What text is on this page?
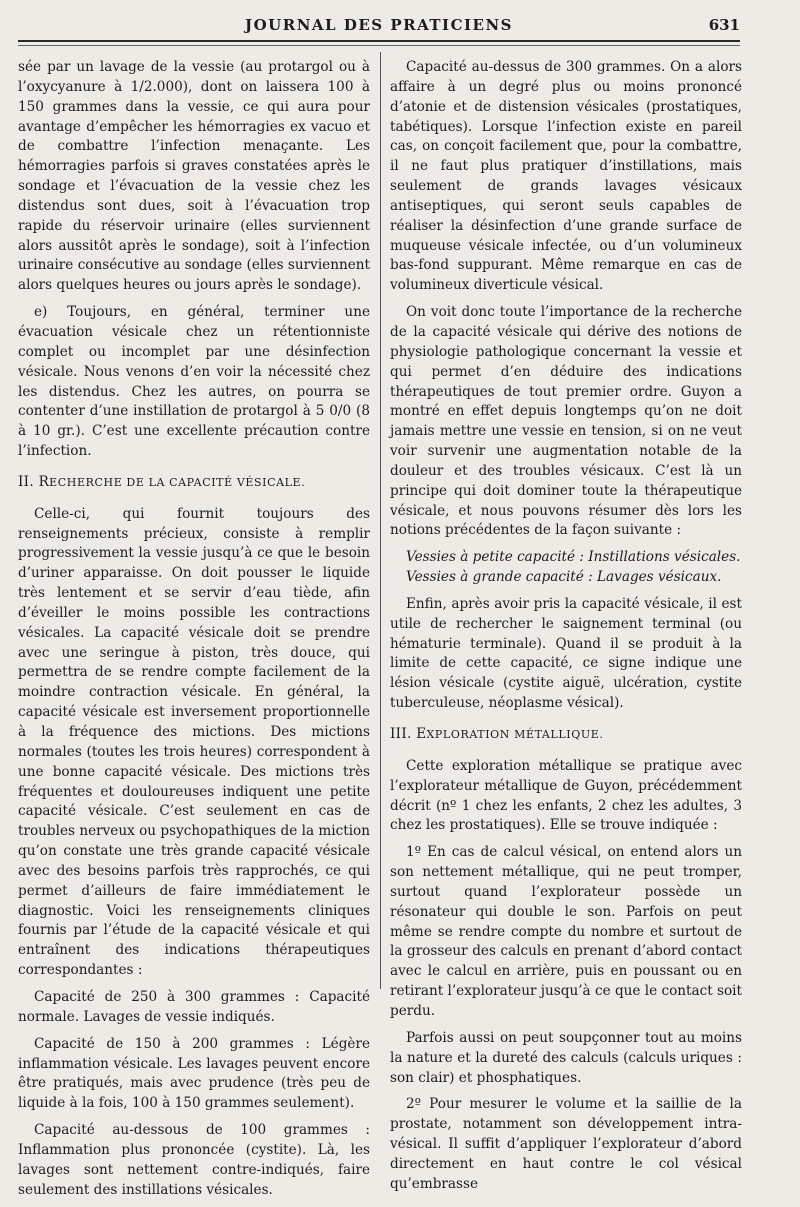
JOURNAL DES PRATICIENS	631

sée par un lavage de la vessie (au protargol ou à l’oxycyanure à 1/2.000), dont on laissera 100 à 150 grammes dans la vessie, ce qui aura pour avantage d’empêcher les hémorragies ex vacuo et de combattre l’infection menaçante. Les hémorragies parfois si graves constatées après le sondage et l’évacuation de la vessie chez les distendus sont dues, soit à l’évacuation trop rapide du réservoir urinaire (elles surviennent alors aussitôt après le sondage), soit à l’infection urinaire consécutive au sondage (elles surviennent alors quelques heures ou jours après le sondage).

e) Toujours, en général, terminer une évacuation vésicale chez un rétentionniste complet ou incomplet par une désinfection vésicale. Nous venons d’en voir la nécessité chez les distendus. Chez les autres, on pourra se contenter d’une instillation de protargol à 5 0/0 (8 à 10 gr.). C’est une excellente précaution contre l’infection.

II. RECHERCHE DE LA CAPACITÉ VÉSICALE.

Celle-ci, qui fournit toujours des renseignements précieux, consiste à remplir progressivement la vessie jusqu’à ce que le besoin d’uriner apparaisse. On doit pousser le liquide très lentement et se servir d’eau tiède, afin d’éveiller le moins possible les contractions vésicales. La capacité vésicale doit se prendre avec une seringue à piston, très douce, qui permettra de se rendre compte facilement de la moindre contraction vésicale. En général, la capacité vésicale est inversement proportionnelle à la fréquence des mictions. Des mictions normales (toutes les trois heures) correspondent à une bonne capacité vésicale. Des mictions très fréquentes et douloureuses indiquent une petite capacité vésicale. C’est seulement en cas de troubles nerveux ou psychopathiques de la miction qu’on constate une très grande capacité vésicale avec des besoins parfois très rapprochés, ce qui permet d’ailleurs de faire immédiatement le diagnostic. Voici les renseignements cliniques fournis par l’étude de la capacité vésicale et qui entraînent des indications thérapeutiques correspondantes :

Capacité de 250 à 300 grammes : Capacité normale. Lavages de vessie indiqués.

Capacité de 150 à 200 grammes : Légère inflammation vésicale. Les lavages peuvent encore être pratiqués, mais avec prudence (très peu de liquide à la fois, 100 à 150 grammes seulement).

Capacité au-dessous de 100 grammes : Inflammation plus prononcée (cystite). Là, les lavages sont nettement contre-indiqués, faire seulement des instillations vésicales.

Capacité au-dessus de 300 grammes. On a alors affaire à un degré plus ou moins prononcé d’atonie et de distension vésicales (prostatiques, tabétiques). Lorsque l’infection existe en pareil cas, on conçoit facilement que, pour la combattre, il ne faut plus pratiquer d’instillations, mais seulement de grands lavages vésicaux antiseptiques, qui seront seuls capables de réaliser la désinfection d’une grande surface de muqueuse vésicale infectée, ou d’un volumineux bas-fond suppurant. Même remarque en cas de volumineux diverticule vésical.

On voit donc toute l’importance de la recherche de la capacité vésicale qui dérive des notions de physiologie pathologique concernant la vessie et qui permet d’en déduire des indications thérapeutiques de tout premier ordre. Guyon a montré en effet depuis longtemps qu’on ne doit jamais mettre une vessie en tension, si on ne veut voir survenir une augmentation notable de la douleur et des troubles vésicaux. C’est là un principe qui doit dominer toute la thérapeutique vésicale, et nous pouvons résumer dès lors les notions précédentes de la façon suivante :

Vessies à petite capacité : Instillations vésicales.

Vessies à grande capacité : Lavages vésicaux.

Enfin, après avoir pris la capacité vésicale, il est utile de rechercher le saignement terminal (ou hématurie terminale). Quand il se produit à la limite de cette capacité, ce signe indique une lésion vésicale (cystite aiguë, ulcération, cystite tuberculeuse, néoplasme vésical).

III. EXPLORATION MÉTALLIQUE.

Cette exploration métallique se pratique avec l’explorateur métallique de Guyon, précédemment décrit (nº 1 chez les enfants, 2 chez les adultes, 3 chez les prostatiques). Elle se trouve indiquée :

1º En cas de calcul vésical, on entend alors un son nettement métallique, qui ne peut tromper, surtout quand l’explorateur possède un résonateur qui double le son. Parfois on peut même se rendre compte du nombre et surtout de la grosseur des calculs en prenant d’abord contact avec le calcul en arrière, puis en poussant ou en retirant l’explorateur jusqu’à ce que le contact soit perdu.

Parfois aussi on peut soupçonner tout au moins la nature et la dureté des calculs (calculs uriques : son clair) et phosphatiques.

2º Pour mesurer le volume et la saillie de la prostate, notamment son développement intra-vésical. Il suffit d’appliquer l’explorateur d’abord directement en haut contre le col vésical qu’embrasse
